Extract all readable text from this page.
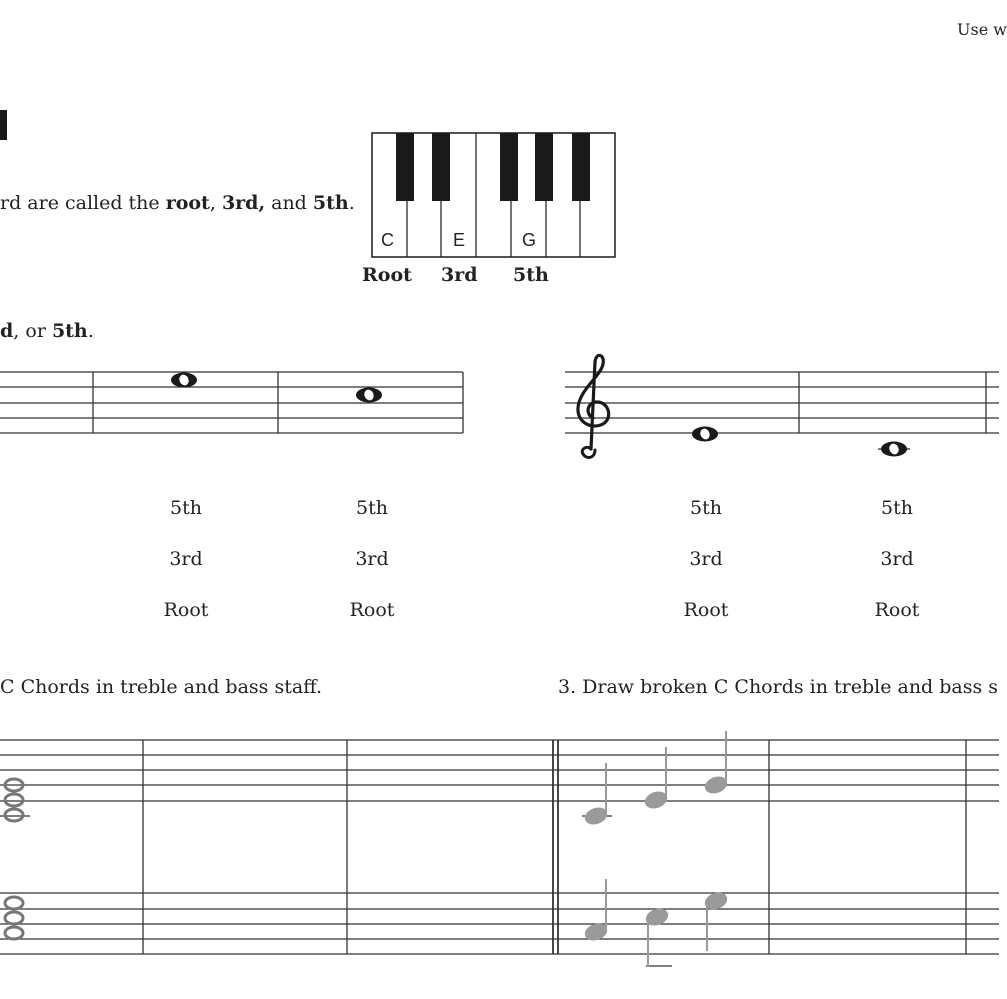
Use w
rd are called the root, 3rd, and 5th.
C	E	G
Root 3rd 5th
d, or 5th.
5th
3rd
Root
5th
3rd
Root
5th
3rd
Root
5th
3rd
Root
C Chords in treble and bass staff.	3. Draw broken C Chords in treble and bass s
